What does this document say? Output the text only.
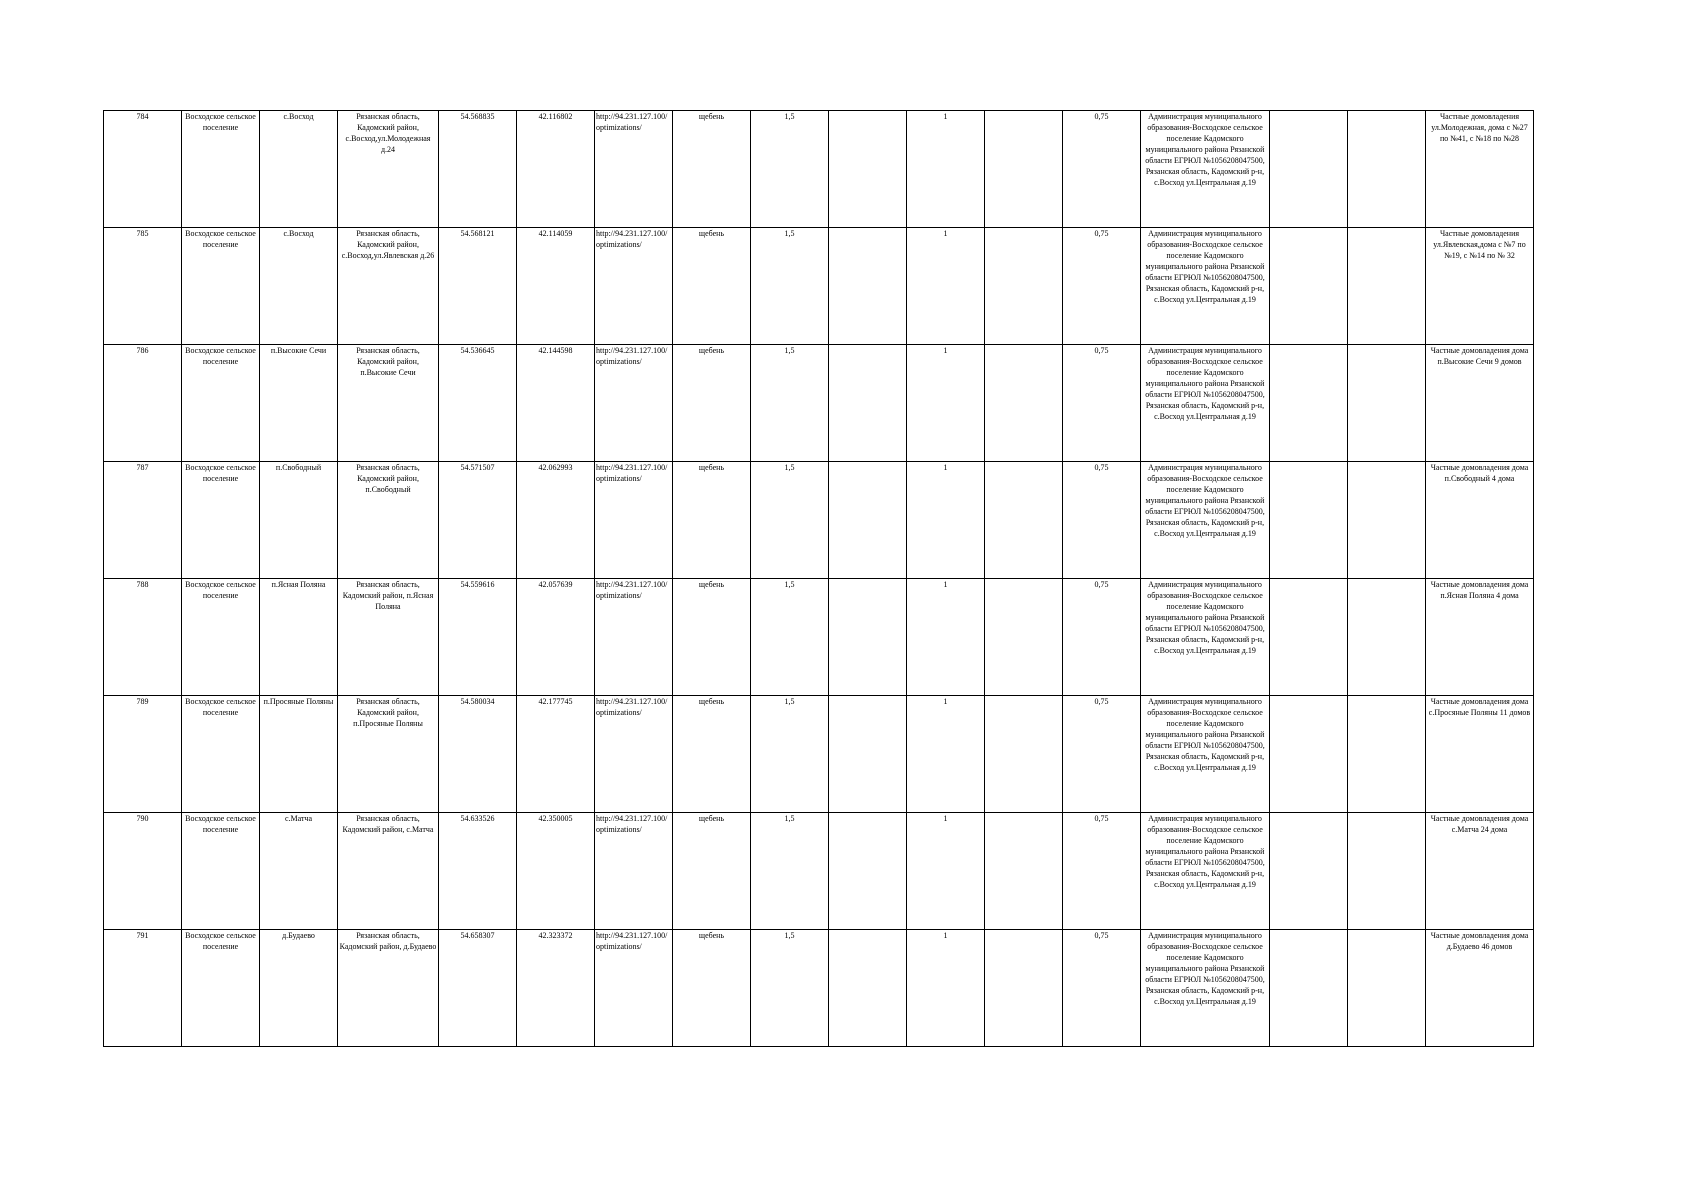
784	Восходское сельское поселение	с.Восход	Рязанская область, Кадомский район, с.Восход,ул.Молодежная д.24	54.568835	42.116802	http://94.231.127.100/optimizations/	щебень	1,5		1		0,75	Администрация муниципального образования-Восходское сельское поселение Кадомского муниципального района Рязанской области ЕГРЮЛ №1056208047500, Рязанская область, Кадомский р-н, с.Восход ул.Центральная д.19			Частные домовладения ул.Молодежная, дома с №27 по №41, с №18 по №28
785	Восходское сельское поселение	с.Восход	Рязанская область, Кадомский район, с.Восход,ул.Явлевская д.26	54.568121	42.114059	http://94.231.127.100/optimizations/	щебень	1,5		1		0,75	Администрация муниципального образования-Восходское сельское поселение Кадомского муниципального района Рязанской области ЕГРЮЛ №1056208047500, Рязанская область, Кадомский р-н, с.Восход ул.Центральная д.19			Частные домовладения ул.Явлевская,дома с №7 по №19, с №14 по № 32
786	Восходское сельское поселение	п.Высокие Сечи	Рязанская область, Кадомский район, п.Высокие Сечи	54.536645	42.144598	http://94.231.127.100/optimizations/	щебень	1,5		1		0,75	Администрация муниципального образования-Восходское сельское поселение Кадомского муниципального района Рязанской области ЕГРЮЛ №1056208047500, Рязанская область, Кадомский р-н, с.Восход ул.Центральная д.19			Частные домовладения дома п.Высокие Сечи 9 домов
787	Восходское сельское поселение	п.Свободный	Рязанская область, Кадомский район, п.Свободный	54.571507	42.062993	http://94.231.127.100/optimizations/	щебень	1,5		1		0,75	Администрация муниципального образования-Восходское сельское поселение Кадомского муниципального района Рязанской области ЕГРЮЛ №1056208047500, Рязанская область, Кадомский р-н, с.Восход ул.Центральная д.19			Частные домовладения дома п.Свободный 4 дома
788	Восходское сельское поселение	п.Ясная Поляна	Рязанская область, Кадомский район, п.Ясная Поляна	54.559616	42.057639	http://94.231.127.100/optimizations/	щебень	1,5		1		0,75	Администрация муниципального образования-Восходское сельское поселение Кадомского муниципального района Рязанской области ЕГРЮЛ №1056208047500, Рязанская область, Кадомский р-н, с.Восход ул.Центральная д.19			Частные домовладения дома п.Ясная Поляна 4 дома
789	Восходское сельское поселение	п.Просяные Поляны	Рязанская область, Кадомский район, п.Просяные Поляны	54.580034	42.177745	http://94.231.127.100/optimizations/	щебень	1,5		1		0,75	Администрация муниципального образования-Восходское сельское поселение Кадомского муниципального района Рязанской области ЕГРЮЛ №1056208047500, Рязанская область, Кадомский р-н, с.Восход ул.Центральная д.19			Частные домовладения дома с.Просяные Поляны 11 домов
790	Восходское сельское поселение	с.Матча	Рязанская область, Кадомский район, с.Матча	54.633526	42.350005	http://94.231.127.100/optimizations/	щебень	1,5		1		0,75	Администрация муниципального образования-Восходское сельское поселение Кадомского муниципального района Рязанской области ЕГРЮЛ №1056208047500, Рязанская область, Кадомский р-н, с.Восход ул.Центральная д.19			Частные домовладения дома с.Матча 24 дома
791	Восходское сельское поселение	д.Будаево	Рязанская область, Кадомский район, д.Будаево	54.658307	42.323372	http://94.231.127.100/optimizations/	щебень	1,5		1		0,75	Администрация муниципального образования-Восходское сельское поселение Кадомского муниципального района Рязанской области ЕГРЮЛ №1056208047500, Рязанская область, Кадомский р-н, с.Восход ул.Центральная д.19			Частные домовладения дома д.Будаево 46 домов
